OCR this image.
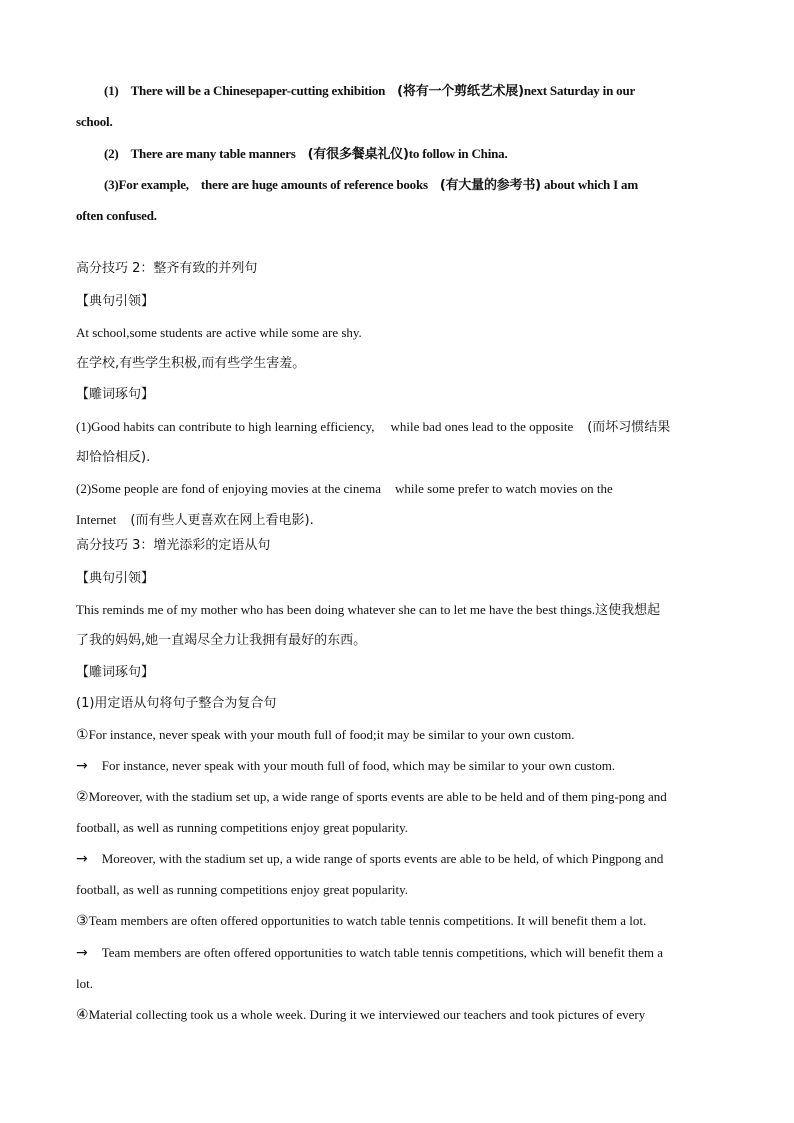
(1) There will be a Chinesepaper-cutting exhibition (将有一个剪纸艺术展)next Saturday in our
school.
(2) There are many table manners (有很多餐桌礼仪)to follow in China.
(3)For example, there are huge amounts of reference books (有大量的参考书) about which I am
often confused.
高分技巧 2：整齐有致的并列句
【典句引领】
At school,some students are active while some are shy.
在学校,有些学生积极,而有些学生害羞。
【雕词琢句】
(1)Good habits can contribute to high learning efficiency, while bad ones lead to the opposite (而坏习惯结果
却恰恰相反).
(2)Some people are fond of enjoying movies at the cinema while some prefer to watch movies on the
Internet (而有些人更喜欢在网上看电影).
高分技巧 3：增光添彩的定语从句
【典句引领】
This reminds me of my mother who has been doing whatever she can to let me have the best things.这使我想起
了我的妈妈,她一直竭尽全力让我拥有最好的东西。
【雕词琢句】
(1)用定语从句将句子整合为复合句
①For instance, never speak with your mouth full of food;it may be similar to your own custom.
→ For instance, never speak with your mouth full of food, which may be similar to your own custom.
②Moreover, with the stadium set up, a wide range of sports events are able to be held and of them ping-pong and
football, as well as running competitions enjoy great popularity.
→ Moreover, with the stadium set up, a wide range of sports events are able to be held, of which Pingpong and
football, as well as running competitions enjoy great popularity.
③Team members are often offered opportunities to watch table tennis competitions. It will benefit them a lot.
→ Team members are often offered opportunities to watch table tennis competitions, which will benefit them a
lot.
④Material collecting took us a whole week. During it we interviewed our teachers and took pictures of every
